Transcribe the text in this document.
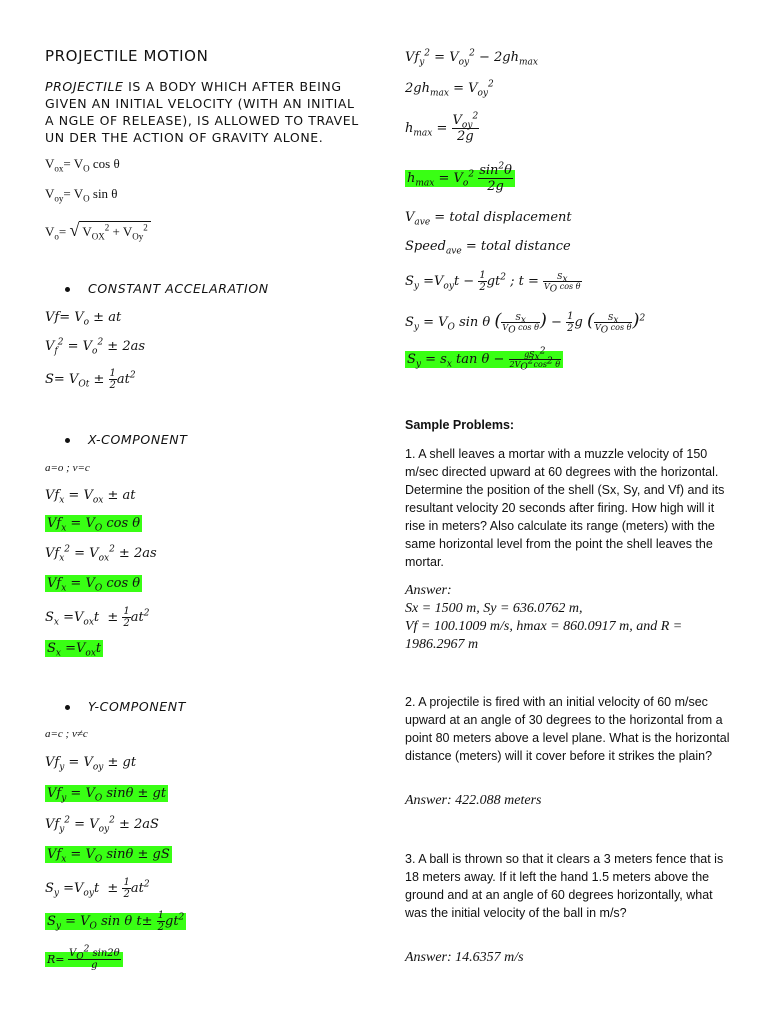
PROJECTILE MOTION
PROJECTILE IS A BODY WHICH AFTER BEING GIVEN AN INITIAL VELOCITY (WITH AN INITIAL A NGLE OF RELEASE), IS ALLOWED TO TRAVEL UN DER THE ACTION OF GRAVITY ALONE.
$V_{ox}= V_O$ cos θ
$V_{oy}= V_O$ sin θ
$V_o=$ √ $V_{OX}^2 + V_{Oy}^2$
CONSTANT ACCELARATION
$Vf= V_o$ ± at
$V_f^2 = V_o^2 \pm 2as$
$S= V_{Ot} \pm \frac{1}{2} at^2$
X-COMPONENT
a=o ; v=c
$Vf_x = V_{ox}$ ± at
$Vf_x = V_O$ cos θ
$Vf_x^2 = V_{ox}^2 \pm 2as$
$Vf_x = V_O$ cos θ
$S_x =V_{ox}t \pm \frac{1}{2} at^2$
$S_x =V_{ox}t$
Y-COMPONENT
a=c ; v≠c
$Vf_y = V_{oy}$ ± gt
$Vf_y = V_O$ sinθ ± gt
$Vf_y^2 = V_{oy}^2 \pm 2aS$
$Vf_x = V_O$ sinθ ± gS
$S_y =V_{oy}t \pm \frac{1}{2} at^2$
$S_y = V_O$ sin θ $t\pm \frac{1}{2} gt^2$
$R= \frac{V_O^2 \sin 2\theta}{g}$
$Vf_y^2 = V_{oy}^2 - 2gh_{max}$
$2gh_{max} = V_{oy}^2$
$h_{max} = \frac{V_{oy}^2}{2g}$
$h_{max} = V_o^2 \frac{\sin^2\theta}{2g}$
$V_{ave}$ = total displacement
Speed$_{ave}$ = total distance
$S_y =V_{oy}t - \frac{1}{2} gt^2$ ; $t = \frac{S_x}{V_O \cos \theta}$
$S_y = V_O$ sin θ ( $\frac{S_x}{V_O \cos \theta}$ ) − $\frac{1}{2}$ g ( $\frac{S_x}{V_O \cos \theta} )^2$
$S_y = s_x$ $\tan \theta - \frac{gS_x^2}{2V_O^2\cos^2 \theta}$
Sample Problems:
1. A shell leaves a mortar with a muzzle velocity of 150 m/sec directed upward at 60 degrees with the horizontal. Determine the position of the shell (Sx, Sy, and Vf) and its resultant velocity 20 seconds after firing. How high will it rise in meters? Also calculate its range (meters) with the same horizontal level from the point the shell leaves the mortar.
Answer:
Sx = 1500 m, Sy = 636.0762 m,
Vf = 100.1009 m/s, hmax = 860.0917 m, and R = 1986.2967 m
2. A projectile is fired with an initial velocity of 60 m/sec upward at an angle of 30 degrees to the horizontal from a point 80 meters above a level plane. What is the horizontal distance (meters) will it cover before it strikes the plain?
Answer: 422.088 meters
3. A ball is thrown so that it clears a 3 meters fence that is 18 meters away. If it left the hand 1.5 meters above the ground and at an angle of 60 degrees horizontally, what was the initial velocity of the ball in m/s?
Answer: 14.6357 m/s
